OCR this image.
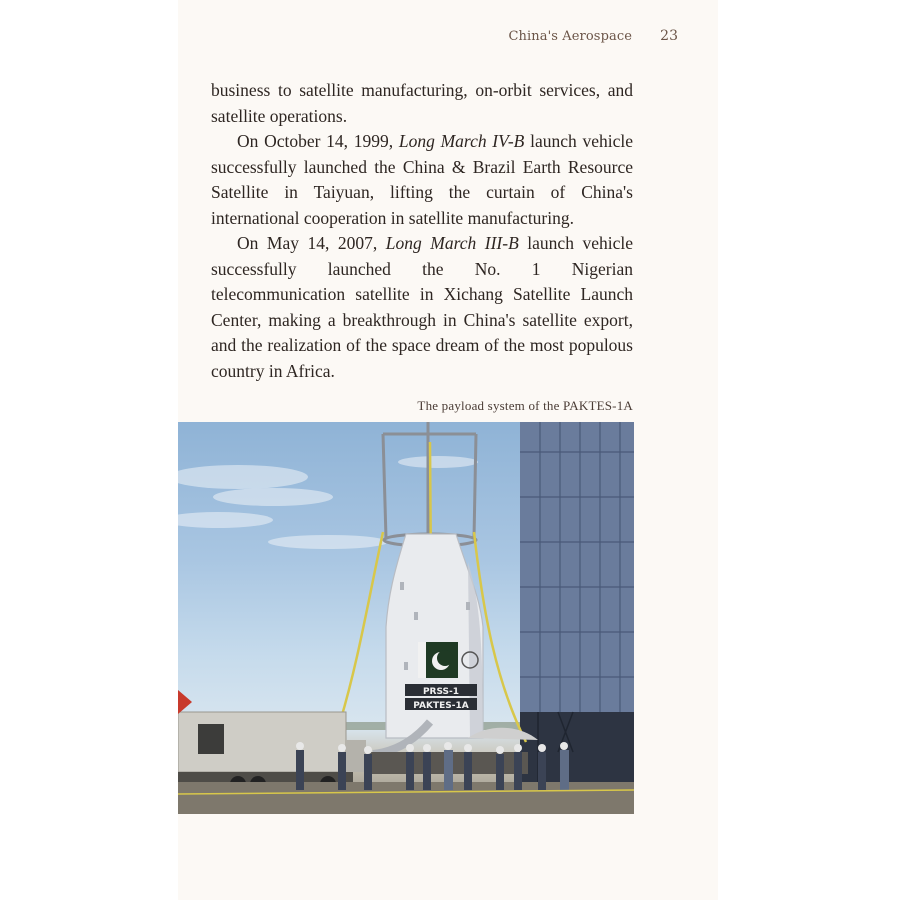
China's Aerospace 23

business to satellite manufacturing, on-orbit services, and satellite operations.

On October 14, 1999, Long March IV-B launch vehicle successfully launched the China & Brazil Earth Resource Satellite in Taiyuan, lifting the curtain of China's international cooperation in satellite manufacturing.

On May 14, 2007, Long March III-B launch vehicle successfully launched the No. 1 Nigerian telecommunication satellite in Xichang Satellite Launch Center, making a breakthrough in China's satellite export, and the realization of the space dream of the most populous country in Africa.

The payload system of the PAKTES-1A
PRSS-1
PAKTES-1A
